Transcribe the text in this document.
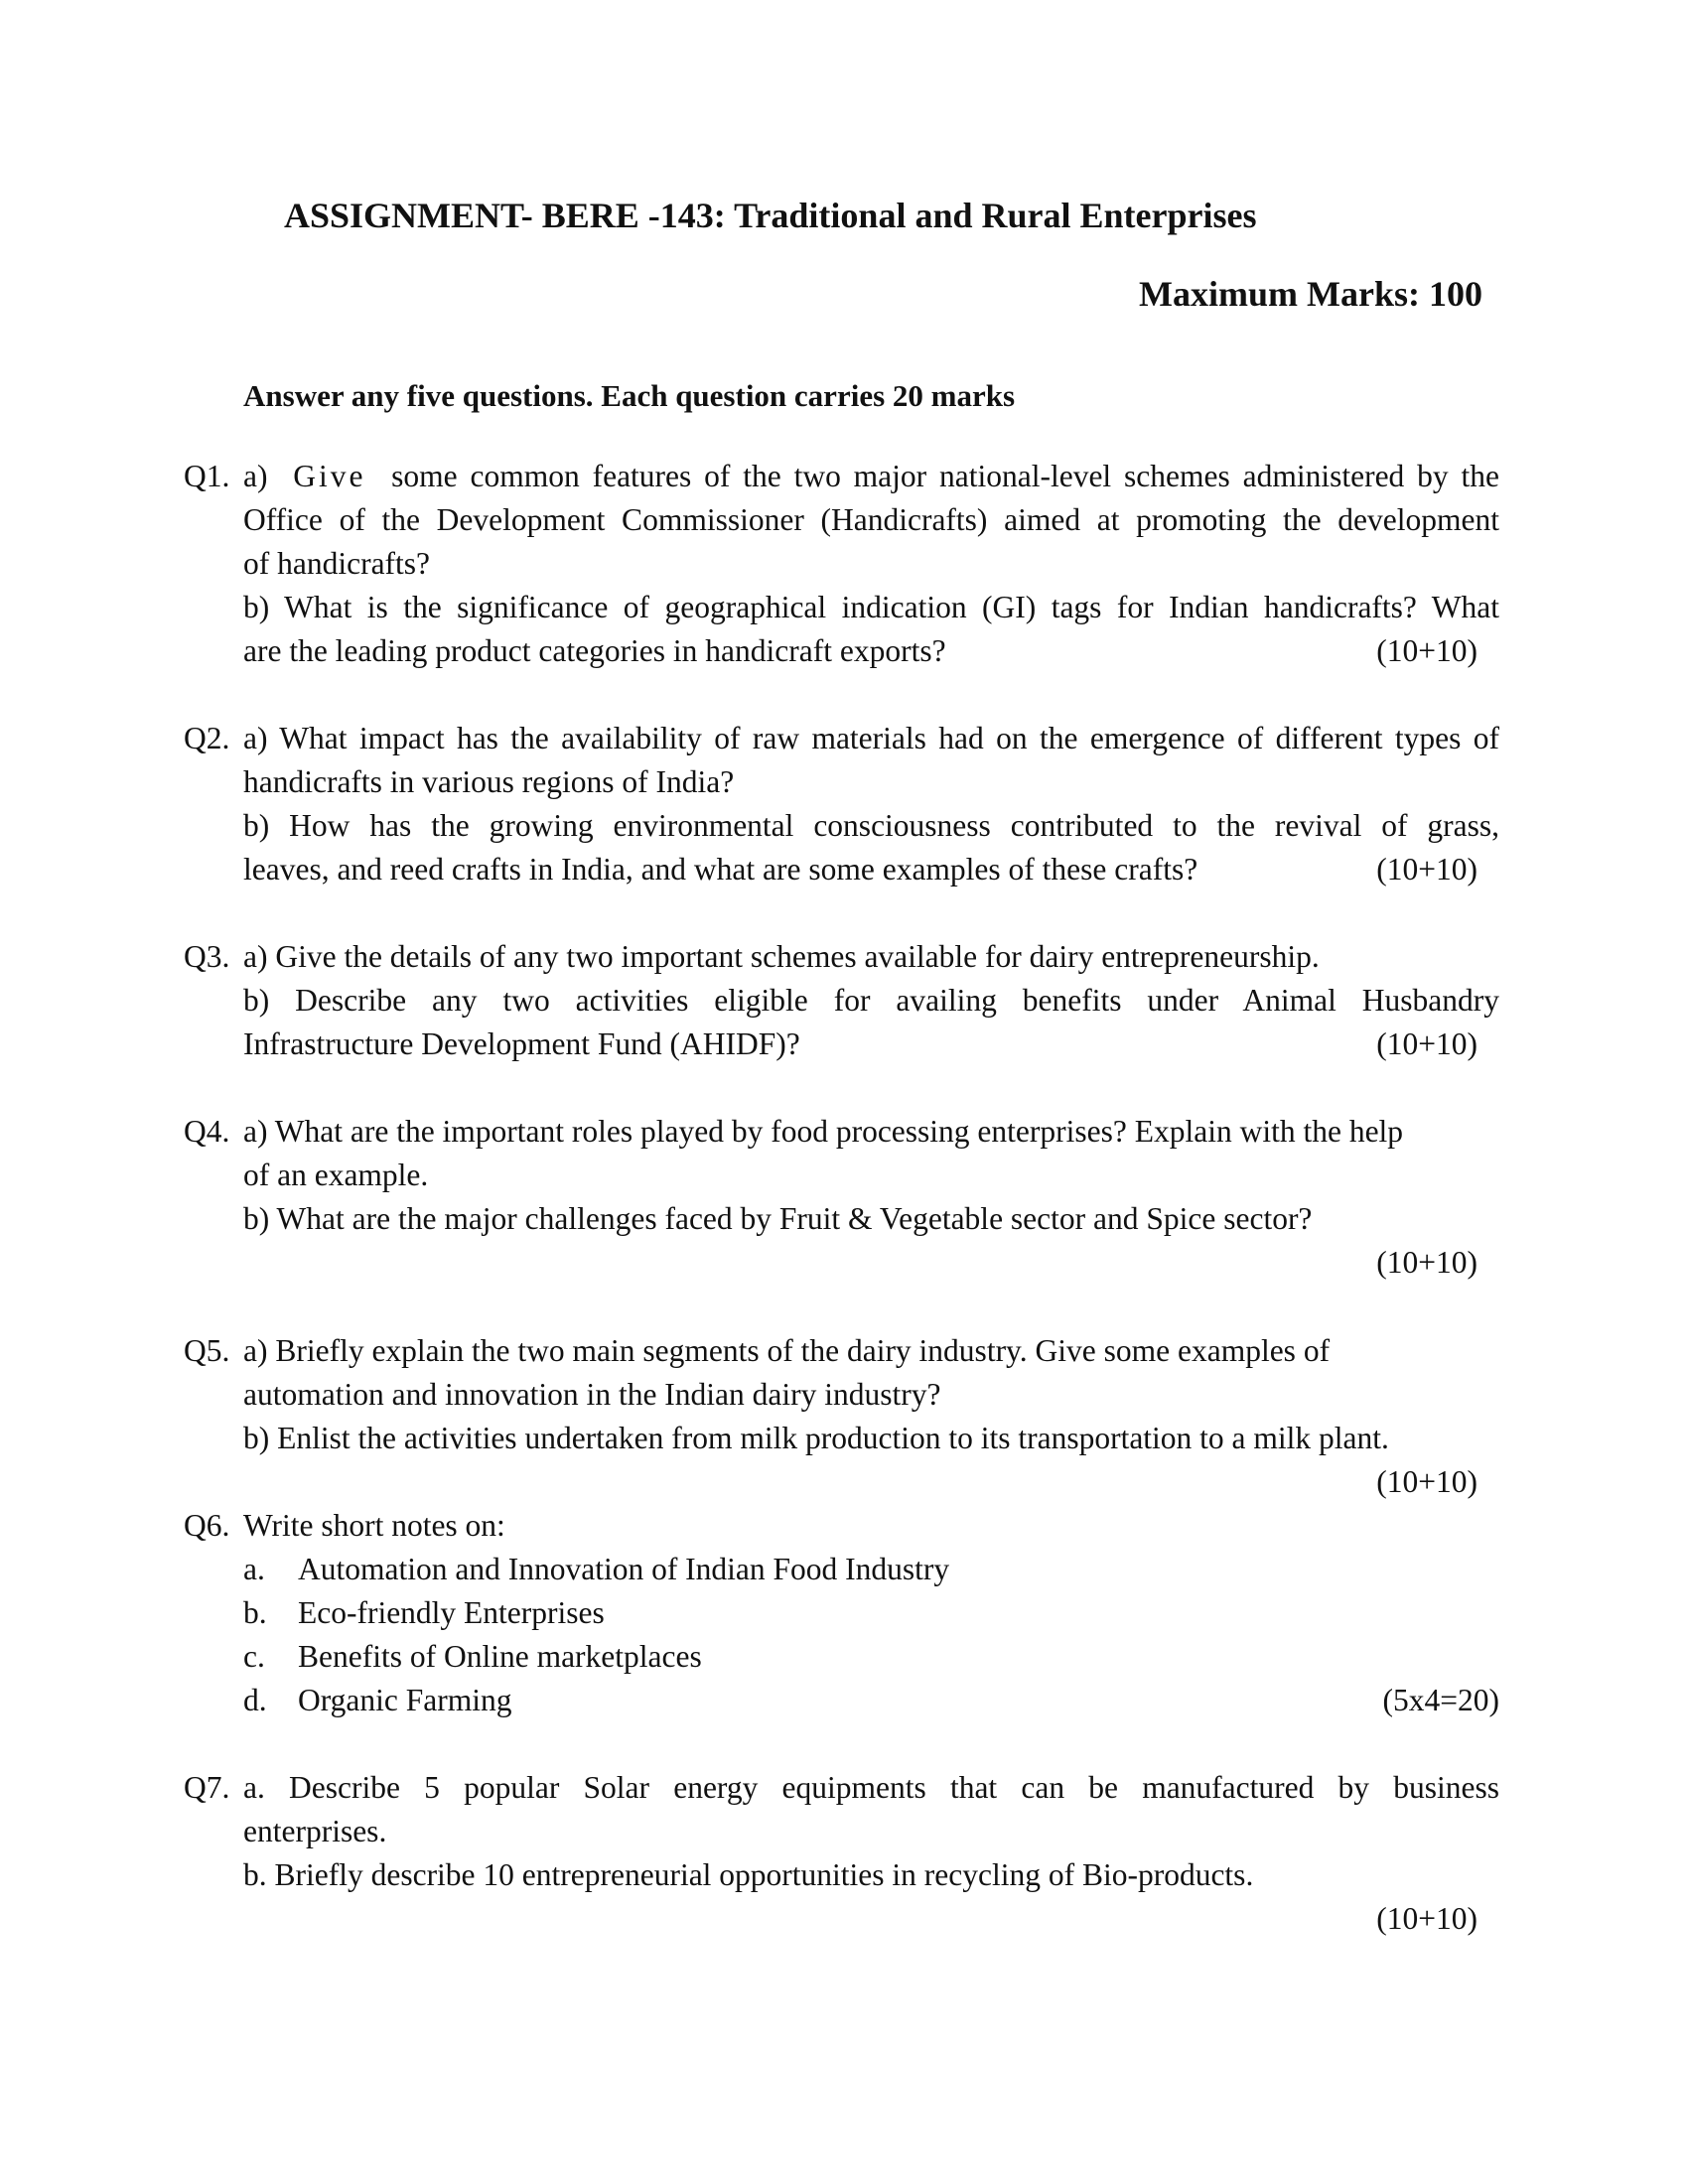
ASSIGNMENT- BERE -143: Traditional and Rural Enterprises
Maximum Marks: 100
Answer any five questions. Each question carries 20 marks
Q1. a) Give some common features of the two major national-level schemes administered by the
Office of the Development Commissioner (Handicrafts) aimed at promoting the development
of handicrafts?
b) What is the significance of geographical indication (GI) tags for Indian handicrafts? What
are the leading product categories in handicraft exports?	(10+10)
Q2. a) What impact has the availability of raw materials had on the emergence of different types of
handicrafts in various regions of India?
b) How has the growing environmental consciousness contributed to the revival of grass,
leaves, and reed crafts in India, and what are some examples of these crafts?	(10+10)
Q3. a) Give the details of any two important schemes available for dairy entrepreneurship.
b) Describe any two activities eligible for availing benefits under Animal Husbandry
Infrastructure Development Fund (AHIDF)?	(10+10)
Q4. a) What are the important roles played by food processing enterprises? Explain with the help
of an example.
b) What are the major challenges faced by Fruit & Vegetable sector and Spice sector?
(10+10)
Q5. a) Briefly explain the two main segments of the dairy industry. Give some examples of
automation and innovation in the Indian dairy industry?
b) Enlist the activities undertaken from milk production to its transportation to a milk plant.
(10+10)
Q6. Write short notes on:
a. Automation and Innovation of Indian Food Industry
b. Eco-friendly Enterprises
c. Benefits of Online marketplaces
d. Organic Farming	(5x4=20)
Q7. a. Describe 5 popular Solar energy equipments that can be manufactured by business
enterprises.
b. Briefly describe 10 entrepreneurial opportunities in recycling of Bio-products.
(10+10)
